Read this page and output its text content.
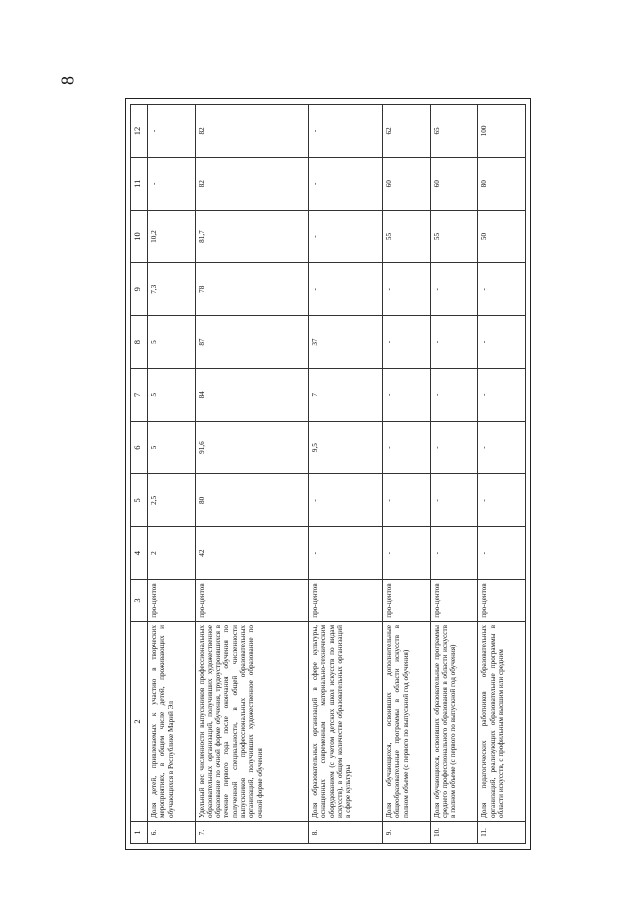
8
1	2	3	4	5	6	7	8	9	10	11	12
6.	Доля детей, привлекаемых к участию в творческих мероприятиях, в общем числе детей, проживающих и обучающихся в Республике Марий Эл	про-центов	2	2,5	5	5	5	7,3	10,2	-	-
7.	Удельный вес численности выпускников профессиональных образовательных организаций, получивших художественное образование по очной форме обучения, трудоустроившихся в течение первого года после окончания обучения по полученной специальности, в общей численности выпускников профессиональных образовательных организаций, получивших художественное образование по очной форме обучения	про-центов	42	80	91,6	84	87	78	81,7	82	82
8.	Доля образовательных организаций в сфере культуры, оснащенных современным материально-техническим оборудованием (с учетом детских школ искусств по видам искусств), в общем количестве образовательных организаций в сфере культуры	про-центов	-	-	9,5	7	37	-	-	-	-
9.	Доля обучающихся, освоивших дополнительные общеобразовательные программы в области искусств в полном объеме (с первого по выпускной год обучения)	про-центов	-	-	-	-	-	-	55	60	62
10.	Доля обучающихся, освоивших образовательные программы среднего профессионального образования в области искусств в полном объеме (с первого по выпускной год обучения)	про-центов	-	-	-	-	-	-	55	60	65
11.	Доля педагогических работников образовательных организаций, реализующих образовательные программы в области искусств, с профильным высшим или средним	про-центов	-	-	-	-	-	-	50	80	100
